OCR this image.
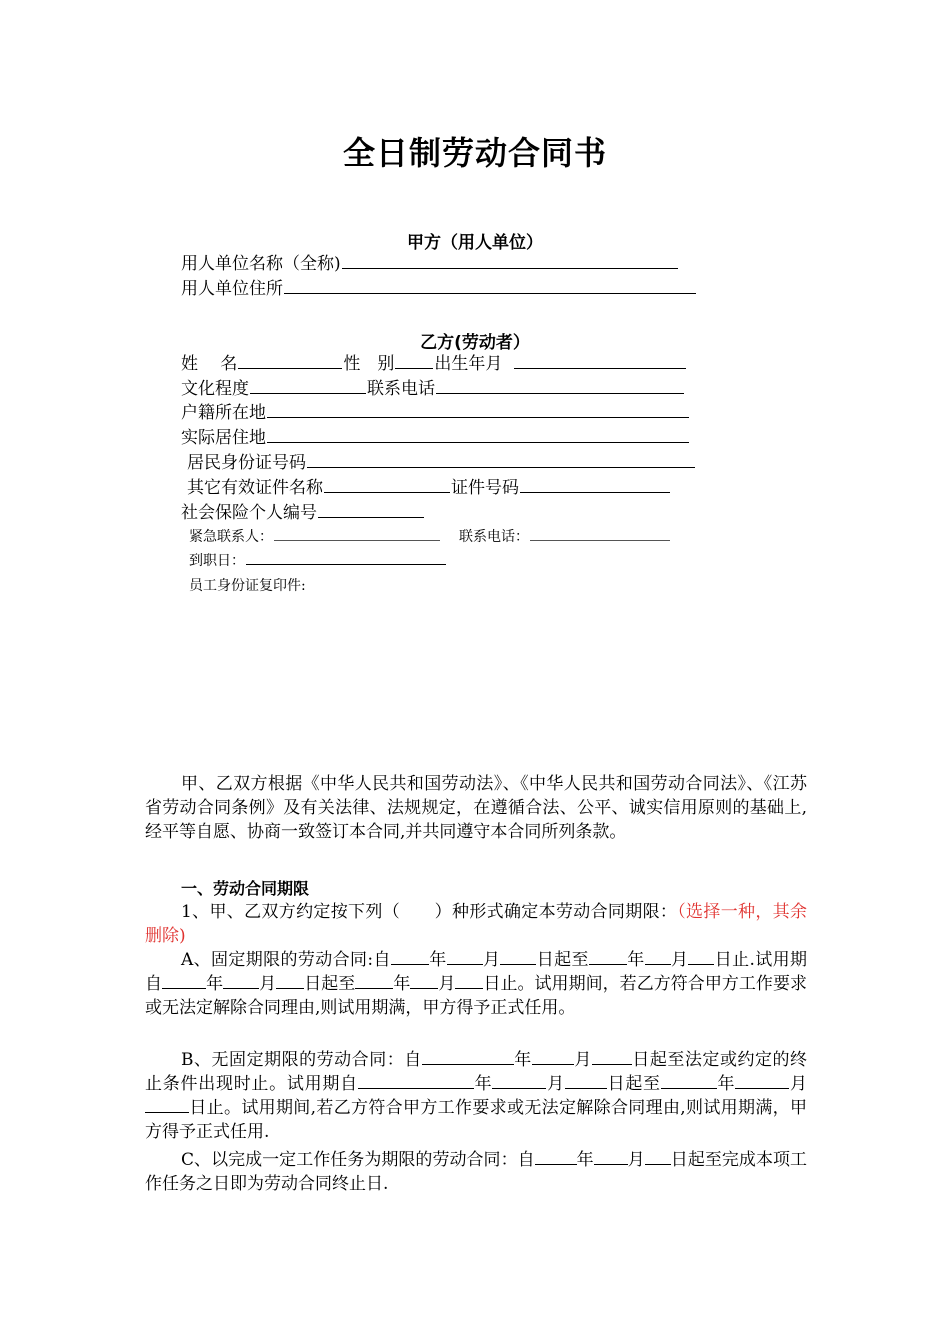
全日制劳动合同书
甲方（用人单位）
用人单位名称（全称)
用人单位住所
乙方(劳动者）
姓　 名	性　别 出生年月
文化程度	联系电话
户籍所在地
实际居住地
居民身份证号码
其它有效证件名称	证件号码
社会保险个人编号
紧急联系人：	联系电话：
到职日：
员工身份证复印件:
甲、乙双方根据《中华人民共和国劳动法》、《中华人民共和国劳动合同法》、《江苏省劳动合同条例》及有关法律、法规规定，在遵循合法、公平、诚实信用原则的基础上,经平等自愿、协商一致签订本合同,并共同遵守本合同所列条款。
一、劳动合同期限
1、甲、乙双方约定按下列（　　）种形式确定本劳动合同期限：（选择一种，其余删除)
A、固定期限的劳动合同:自 年 月 日起至 年 月 日止.试用期自	年 月 日起至 年 月 日止。试用期间，若乙方符合甲方工作要求或无法定解除合同理由,则试用期满，甲方得予正式任用。
B、无固定期限的劳动合同：自	年 月 日起至法定或约定的终止条件出现时止。试用期自	年	月 日起至	年	月日止。试用期间,若乙方符合甲方工作要求或无法定解除合同理由,则试用期满，甲方得予正式任用.
C、以完成一定工作任务为期限的劳动合同：自 年 月 日起至完成本项工作任务之日即为劳动合同终止日.
